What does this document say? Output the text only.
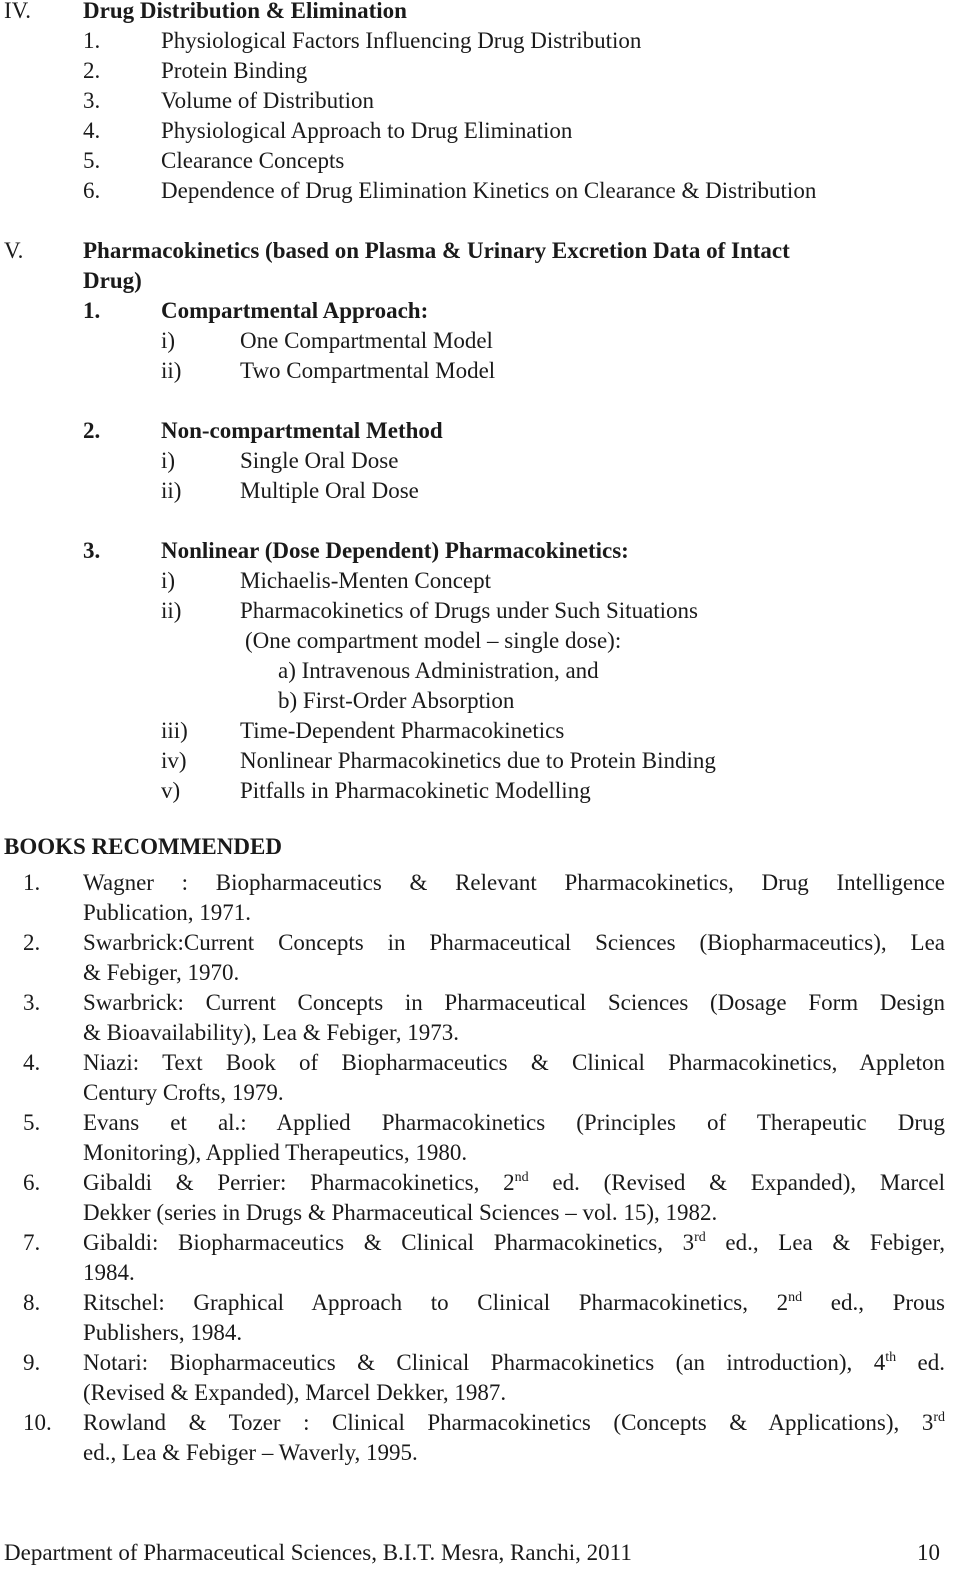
IV. Drug Distribution & Elimination
1.	Physiological Factors Influencing Drug Distribution
2.	Protein Binding
3.	Volume of Distribution
4.	Physiological Approach to Drug Elimination
5.	Clearance Concepts
6.	Dependence of Drug Elimination Kinetics on Clearance & Distribution
V.	Pharmacokinetics (based on Plasma & Urinary Excretion Data of Intact
Drug)
1.	Compartmental Approach:
i)	One Compartmental Model
ii)	Two Compartmental Model
2.	Non-compartmental Method
i)	Single Oral Dose
ii)	Multiple Oral Dose
3.	Nonlinear (Dose Dependent) Pharmacokinetics:
i)	Michaelis-Menten Concept
ii)	Pharmacokinetics of Drugs under Such Situations
(One compartment model – single dose):
a) Intravenous Administration, and
b) First-Order Absorption
iii) Time-Dependent Pharmacokinetics
iv) Nonlinear Pharmacokinetics due to Protein Binding
v)	Pitfalls in Pharmacokinetic Modelling
BOOKS RECOMMENDED
1. Wagner : Biopharmaceutics & Relevant Pharmacokinetics, Drug Intelligence
Publication, 1971.
2. Swarbrick:Current Concepts in Pharmaceutical Sciences (Biopharmaceutics), Lea
& Febiger, 1970.
3. Swarbrick: Current Concepts in Pharmaceutical Sciences (Dosage Form Design
& Bioavailability), Lea & Febiger, 1973.
4. Niazi: Text Book of Biopharmaceutics & Clinical Pharmacokinetics, Appleton
Century Crofts, 1979.
5. Evans et al.: Applied Pharmacokinetics (Principles of Therapeutic Drug
Monitoring), Applied Therapeutics, 1980.
6. Gibaldi & Perrier: Pharmacokinetics, 2nd ed. (Revised & Expanded), Marcel
Dekker (series in Drugs & Pharmaceutical Sciences – vol. 15), 1982.
7. Gibaldi: Biopharmaceutics & Clinical Pharmacokinetics, 3rd ed., Lea & Febiger,
1984.
8. Ritschel: Graphical Approach to Clinical Pharmacokinetics, 2nd ed., Prous
Publishers, 1984.
9. Notari: Biopharmaceutics & Clinical Pharmacokinetics (an introduction), 4th ed.
(Revised & Expanded), Marcel Dekker, 1987.
10. Rowland & Tozer : Clinical Pharmacokinetics (Concepts & Applications), 3rd
ed., Lea & Febiger – Waverly, 1995.
Department of Pharmaceutical Sciences, B.I.T. Mesra, Ranchi, 2011	10
